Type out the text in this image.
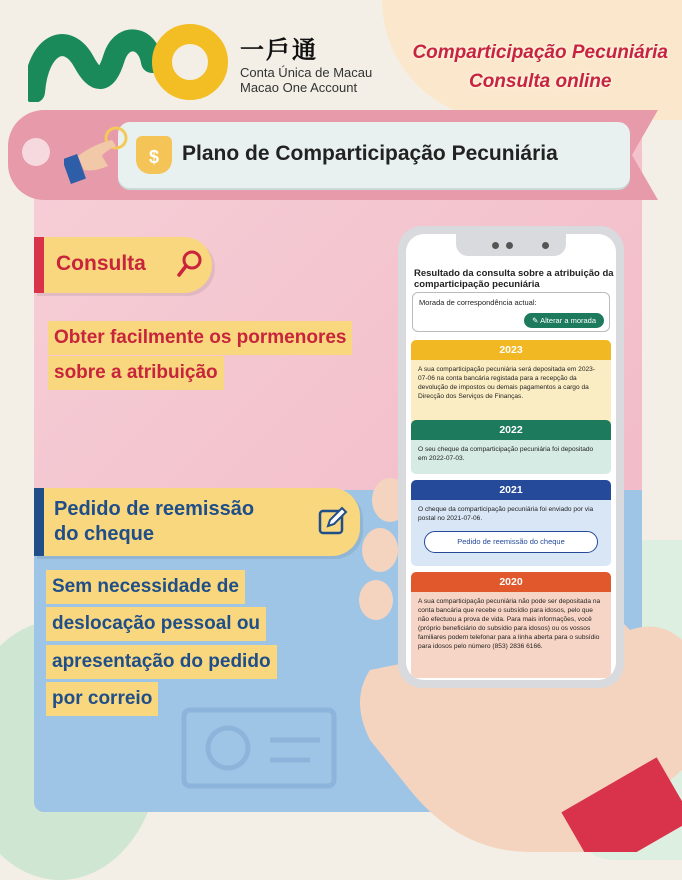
一戶通
Conta Única de Macau
Macao One Account
Comparticipação Pecuniária
Consulta online
$	Plano de Comparticipação Pecuniária
Consulta
Obter facilmente os pormenores
sobre a atribuição
Pedido de reemissão
do cheque
Sem necessidade de
deslocação pessoal ou
apresentação do pedido
por correio
Resultado da consulta sobre a atribuição da comparticipação pecuniária
Morada de correspondência actual:
✎ Alterar a morada
2023
A sua comparticipação pecuniária será depositada em 2023-07-06 na conta bancária registada para a recepção da devolução de impostos ou demais pagamentos a cargo da Direcção dos Serviços de Finanças.
2022
O seu cheque da comparticipação pecuniária foi depositado em 2022-07-03.
2021
O cheque da comparticipação pecuniária foi enviado por via postal no 2021-07-06.
Pedido de reemissão do cheque
2020
A sua comparticipação pecuniária não pode ser depositada na conta bancária que recebe o subsídio para idosos, pelo que não efectuou a prova de vida. Para mais informações, você (próprio beneficiário do subsídio para idosos) ou os vossos familiares podem telefonar para a linha aberta para o subsídio para idosos pelo número (853) 2836 6166.
